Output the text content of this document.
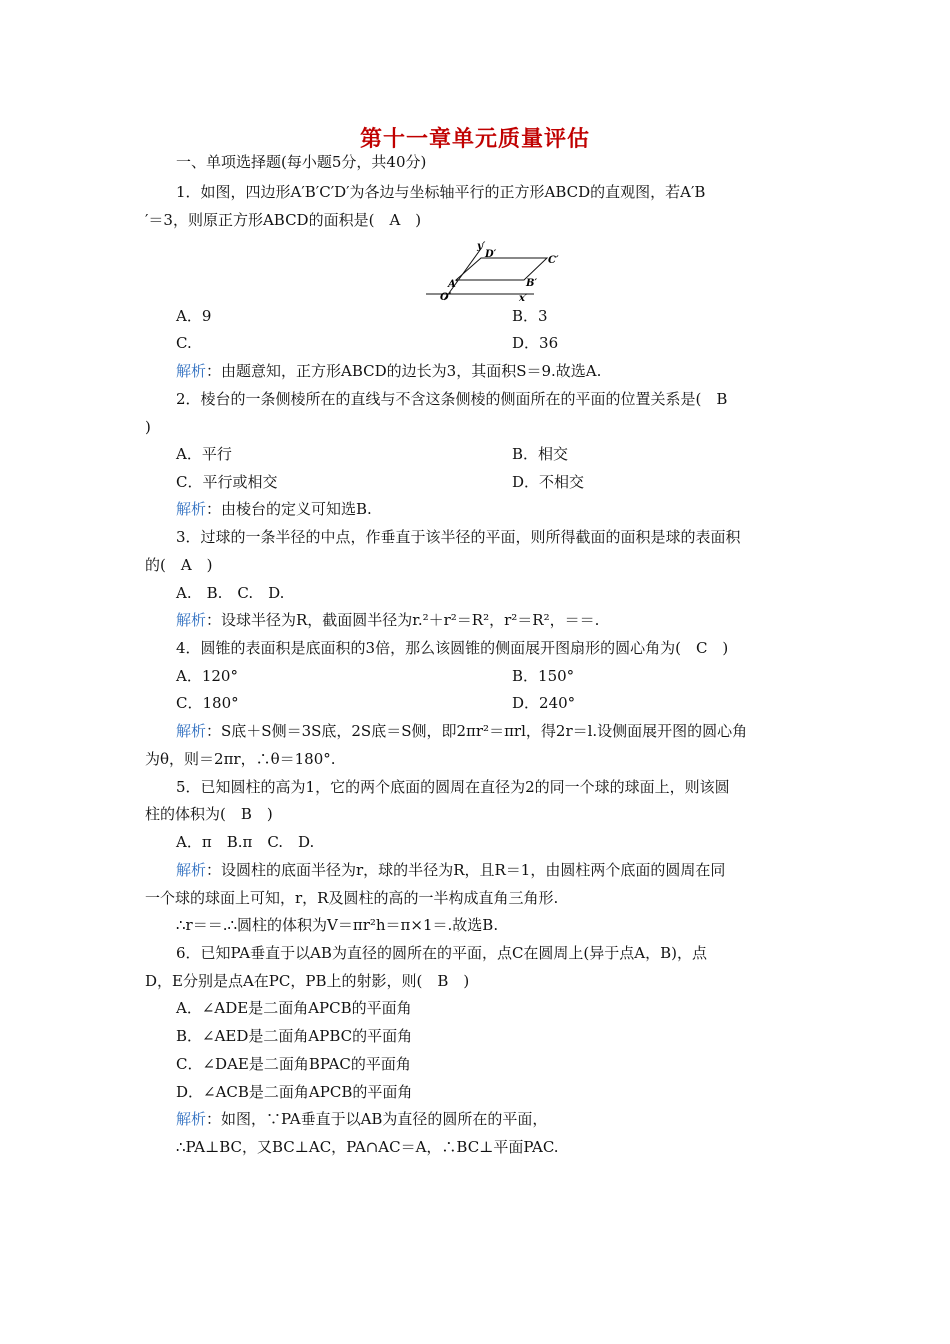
第十一章单元质量评估
一、单项选择题(每小题5分，共40分)
1．如图，四边形A′B′C′D′为各边与坐标轴平行的正方形ABCD的直观图，若A′B
′＝3，则原正方形ABCD的面积是(　A　)
y′
D′
C′
A′	B′
O′	x′
A．9	B．3
C.	D．36
解析：由题意知，正方形ABCD的边长为3，其面积S＝9.故选A.
2．棱台的一条侧棱所在的直线与不含这条侧棱的侧面所在的平面的位置关系是(　B
)
A．平行	B．相交
C．平行或相交	D．不相交
解析：由棱台的定义可知选B.
3．过球的一条半径的中点，作垂直于该半径的平面，则所得截面的面积是球的表面积
的(　A　)
A.　B.　C.　D.
解析：设球半径为R，截面圆半径为r.²＋r²＝R²，r²＝R²，＝＝.
4．圆锥的表面积是底面积的3倍，那么该圆锥的侧面展开图扇形的圆心角为(　C　)
A．120°	B．150°
C．180°	D．240°
解析：S底＋S侧＝3S底，2S底＝S侧，即2πr²＝πrl，得2r＝l.设侧面展开图的圆心角
为θ，则＝2πr，∴θ＝180°.
5．已知圆柱的高为1，它的两个底面的圆周在直径为2的同一个球的球面上，则该圆
柱的体积为(　B　)
A．π　B.π　C.　D.
解析：设圆柱的底面半径为r，球的半径为R，且R＝1，由圆柱两个底面的圆周在同
一个球的球面上可知，r，R及圆柱的高的一半构成直角三角形.
∴r＝＝.∴圆柱的体积为V＝πr²h＝π×1＝.故选B.
6．已知PA垂直于以AB为直径的圆所在的平面，点C在圆周上(异于点A，B)，点
D，E分别是点A在PC，PB上的射影，则(　B　)
A．∠ADE是二面角APCB的平面角
B．∠AED是二面角APBC的平面角
C．∠DAE是二面角BPAC的平面角
D．∠ACB是二面角APCB的平面角
解析：如图，∵PA垂直于以AB为直径的圆所在的平面，
∴PA⊥BC，又BC⊥AC，PA∩AC＝A，∴BC⊥平面PAC.
